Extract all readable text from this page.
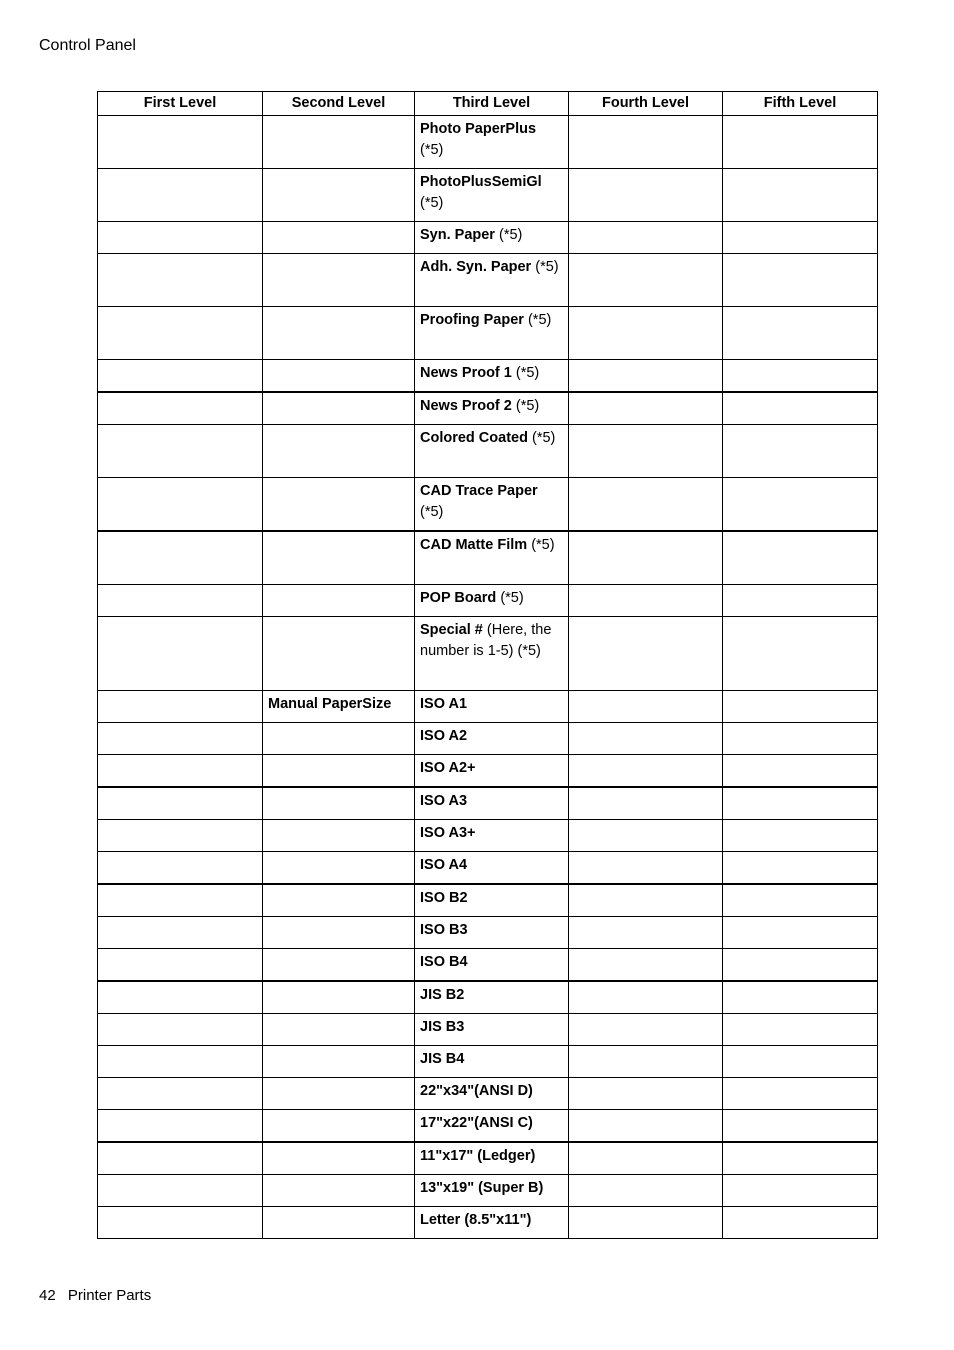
Control Panel
First Level	Second Level	Third Level	Fourth Level	Fifth Level
		Photo PaperPlus (*5)		
		PhotoPlusSemiGl (*5)		
		Syn. Paper (*5)		
		Adh. Syn. Paper (*5)		
		Proofing Paper (*5)		
		News Proof 1 (*5)		
		News Proof 2 (*5)		
		Colored Coated (*5)		
		CAD Trace Paper (*5)		
		CAD Matte Film (*5)		
		POP Board (*5)		
		Special # (Here, the number is 1-5) (*5)		
	Manual PaperSize	ISO A1		
		ISO A2		
		ISO A2+		
		ISO A3		
		ISO A3+		
		ISO A4		
		ISO B2		
		ISO B3		
		ISO B4		
		JIS B2		
		JIS B3		
		JIS B4		
		22"x34"(ANSI D)		
		17"x22"(ANSI C)		
		11"x17" (Ledger)		
		13"x19" (Super B)		
		Letter (8.5"x11")		
42 Printer Parts
